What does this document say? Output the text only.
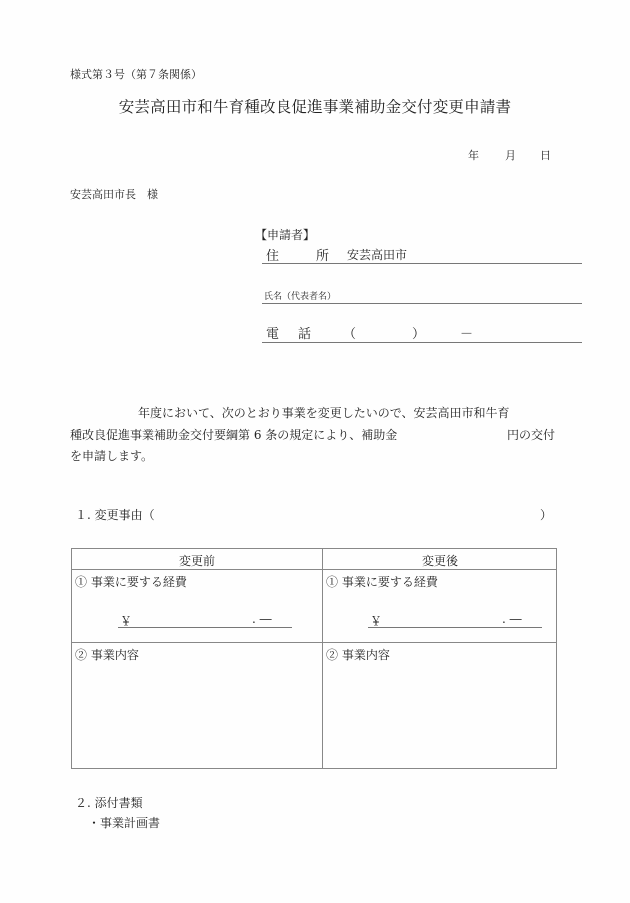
様式第３号（第７条関係）
安芸高田市和牛育種改良促進事業補助金交付変更申請書
年 月 日
安芸高田市長　様
【申請者】
住	所 安芸高田市
氏名（代表者名）
電 話 （	）	－
年度において、次のとおり事業を変更したいので、安芸高田市和牛育
種改良促進事業補助金交付要綱第 6 条の規定により、補助金	円の交付
を申請します。
１. 変更事由（	）
変更前	変更後
① 事業に要する経費	① 事業に要する経費
￥	. ―	￥	. ―
② 事業内容	② 事業内容
２. 添付書類
・事業計画書
